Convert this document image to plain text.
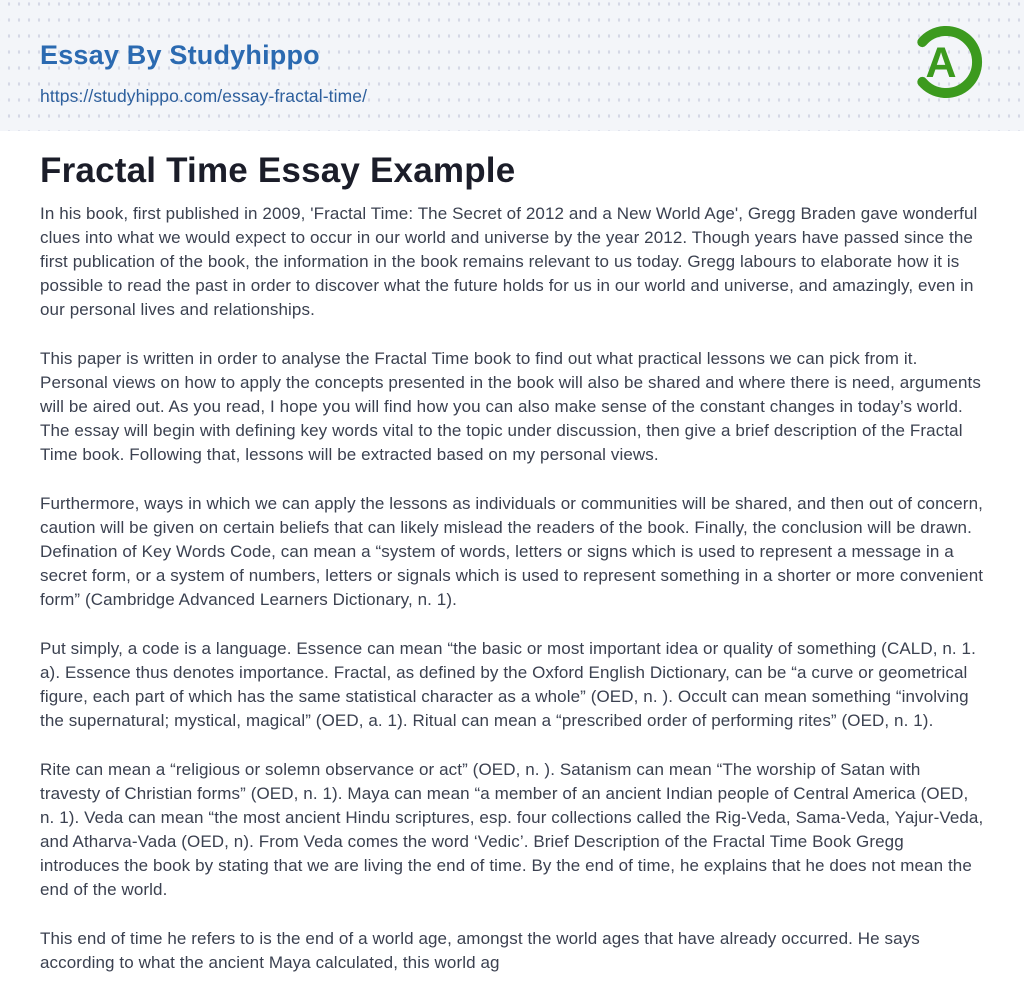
Essay By Studyhippo
https://studyhippo.com/essay-fractal-time/
A
Fractal Time Essay Example

In his book, first published in 2009, 'Fractal Time: The Secret of 2012 and a New World Age', Gregg Braden gave wonderful clues into what we would expect to occur in our world and universe by the year 2012. Though years have passed since the first publication of the book, the information in the book remains relevant to us today. Gregg labours to elaborate how it is possible to read the past in order to discover what the future holds for us in our world and universe, and amazingly, even in our personal lives and relationships.

This paper is written in order to analyse the Fractal Time book to find out what practical lessons we can pick from it. Personal views on how to apply the concepts presented in the book will also be shared and where there is need, arguments will be aired out. As you read, I hope you will find how you can also make sense of the constant changes in today’s world. The essay will begin with defining key words vital to the topic under discussion, then give a brief description of the Fractal Time book. Following that, lessons will be extracted based on my personal views.

Furthermore, ways in which we can apply the lessons as individuals or communities will be shared, and then out of concern, caution will be given on certain beliefs that can likely mislead the readers of the book. Finally, the conclusion will be drawn. Defination of Key Words Code, can mean a “system of words, letters or signs which is used to represent a message in a secret form, or a system of numbers, letters or signals which is used to represent something in a shorter or more convenient form” (Cambridge Advanced Learners Dictionary, n. 1).

Put simply, a code is a language. Essence can mean “the basic or most important idea or quality of something (CALD, n. 1. a). Essence thus denotes importance. Fractal, as defined by the Oxford English Dictionary, can be “a curve or geometrical figure, each part of which has the same statistical character as a whole” (OED, n. ). Occult can mean something “involving the supernatural; mystical, magical” (OED, a. 1). Ritual can mean a “prescribed order of performing rites” (OED, n. 1).

Rite can mean a “religious or solemn observance or act” (OED, n. ). Satanism can mean “The worship of Satan with travesty of Christian forms” (OED, n. 1). Maya can mean “a member of an ancient Indian people of Central America (OED, n. 1). Veda can mean “the most ancient Hindu scriptures, esp. four collections called the Rig-Veda, Sama-Veda, Yajur-Veda, and Atharva-Vada (OED, n). From Veda comes the word ‘Vedic’. Brief Description of the Fractal Time Book Gregg introduces the book by stating that we are living the end of time. By the end of time, he explains that he does not mean the end of the world.

This end of time he refers to is the end of a world age, amongst the world ages that have already occurred. He says according to what the ancient Maya calculated, this world ag
